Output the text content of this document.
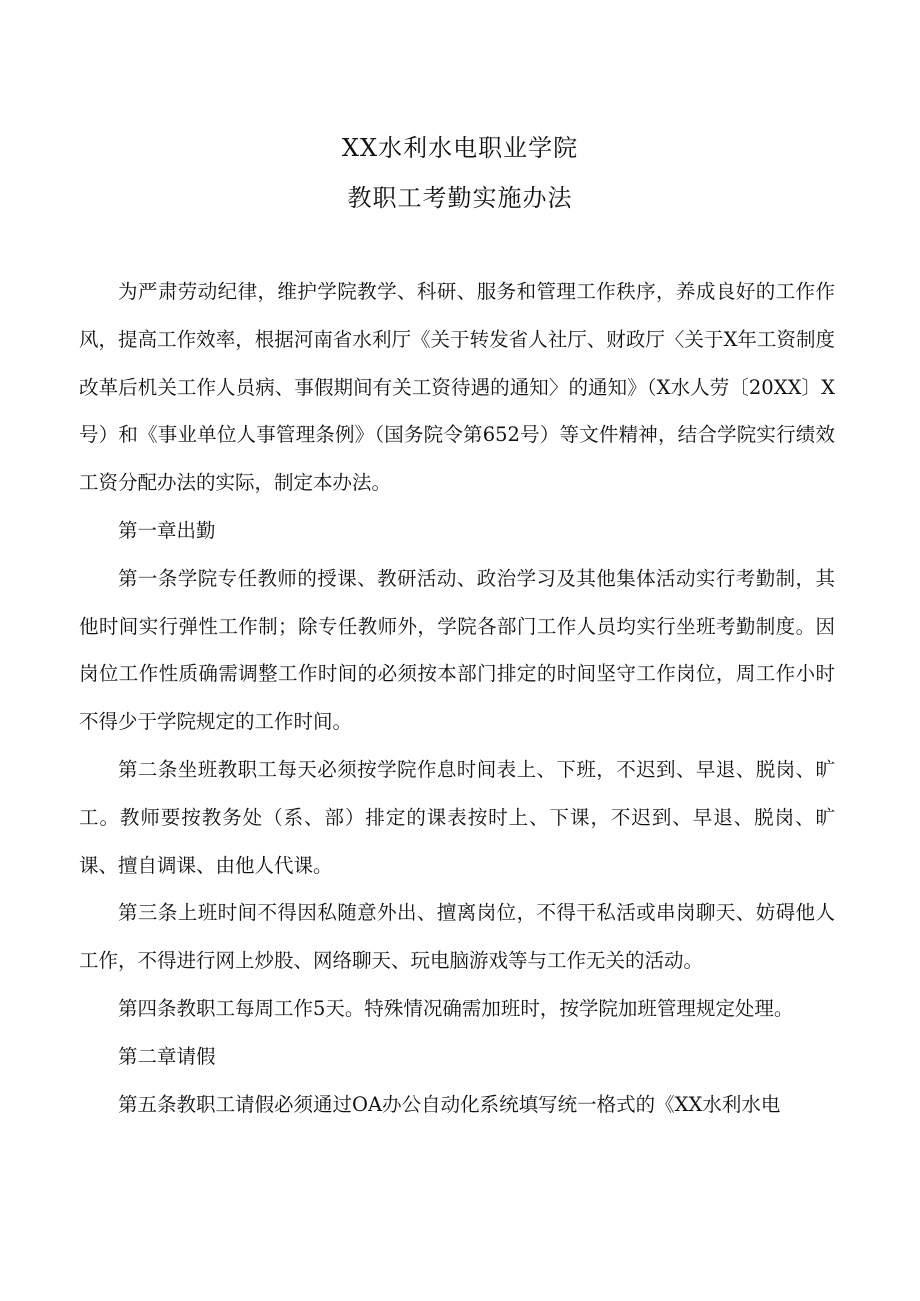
XX水利水电职业学院
教职工考勤实施办法

为严肃劳动纪律，维护学院教学、科研、服务和管理工作秩序，养成良好的工作作风，提高工作效率，根据河南省水利厅《关于转发省人社厅、财政厅〈关于X年工资制度改革后机关工作人员病、事假期间有关工资待遇的通知〉的通知》（X水人劳〔20XX〕X号）和《事业单位人事管理条例》（国务院令第652号）等文件精神，结合学院实行绩效工资分配办法的实际，制定本办法。

第一章出勤

第一条学院专任教师的授课、教研活动、政治学习及其他集体活动实行考勤制，其他时间实行弹性工作制；除专任教师外，学院各部门工作人员均实行坐班考勤制度。因岗位工作性质确需调整工作时间的必须按本部门排定的时间坚守工作岗位，周工作小时不得少于学院规定的工作时间。

第二条坐班教职工每天必须按学院作息时间表上、下班，不迟到、早退、脱岗、旷工。教师要按教务处（系、部）排定的课表按时上、下课，不迟到、早退、脱岗、旷课、擅自调课、由他人代课。

第三条上班时间不得因私随意外出、擅离岗位，不得干私活或串岗聊天、妨碍他人工作，不得进行网上炒股、网络聊天、玩电脑游戏等与工作无关的活动。

第四条教职工每周工作5天。特殊情况确需加班时，按学院加班管理规定处理。

第二章请假

第五条教职工请假必须通过OA办公自动化系统填写统一格式的《XX水利水电
